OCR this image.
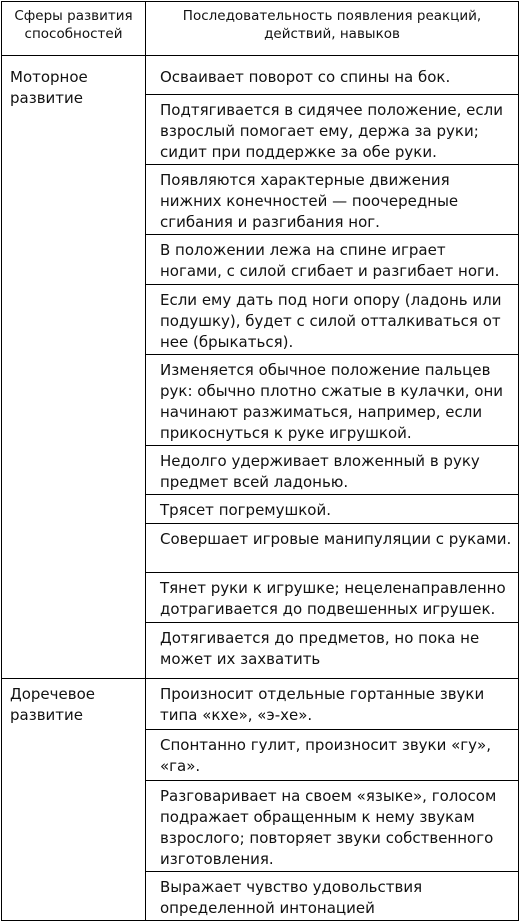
Сферы развития способностей
Последовательность появления реакций, действий, навыков
Моторное развитие
Осваивает поворот со спины на бок.
Подтягивается в сидячее положение, если взрослый помогает ему, держа за руки; сидит при поддержке за обе руки.
Появляются характерные движения нижних конечностей — поочередные сгибания и разгибания ног.
В положении лежа на спине играет ногами, с силой сгибает и разгибает ноги.
Если ему дать под ноги опору (ладонь или подушку), будет с силой отталкиваться от нее (брыкаться).
Изменяется обычное положение пальцев рук: обычно плотно сжатые в кулачки, они начинают разжиматься, например, если прикоснуться к руке игрушкой.
Недолго удерживает вложенный в руку предмет всей ладонью.
Трясет погремушкой.
Совершает игровые манипуляции с руками.
Тянет руки к игрушке; нецеленаправленно дотрагивается до подвешенных игрушек.
Дотягивается до предметов, но пока не может их захватить
Доречевое развитие
Произносит отдельные гортанные звуки типа «кхе», «э-хе».
Спонтанно гулит, произносит звуки «гу», «га».
Разговаривает на своем «языке», голосом подражает обращенным к нему звукам взрослого; повторяет звуки собственного изготовления.
Выражает чувство удовольствия определенной интонацией
